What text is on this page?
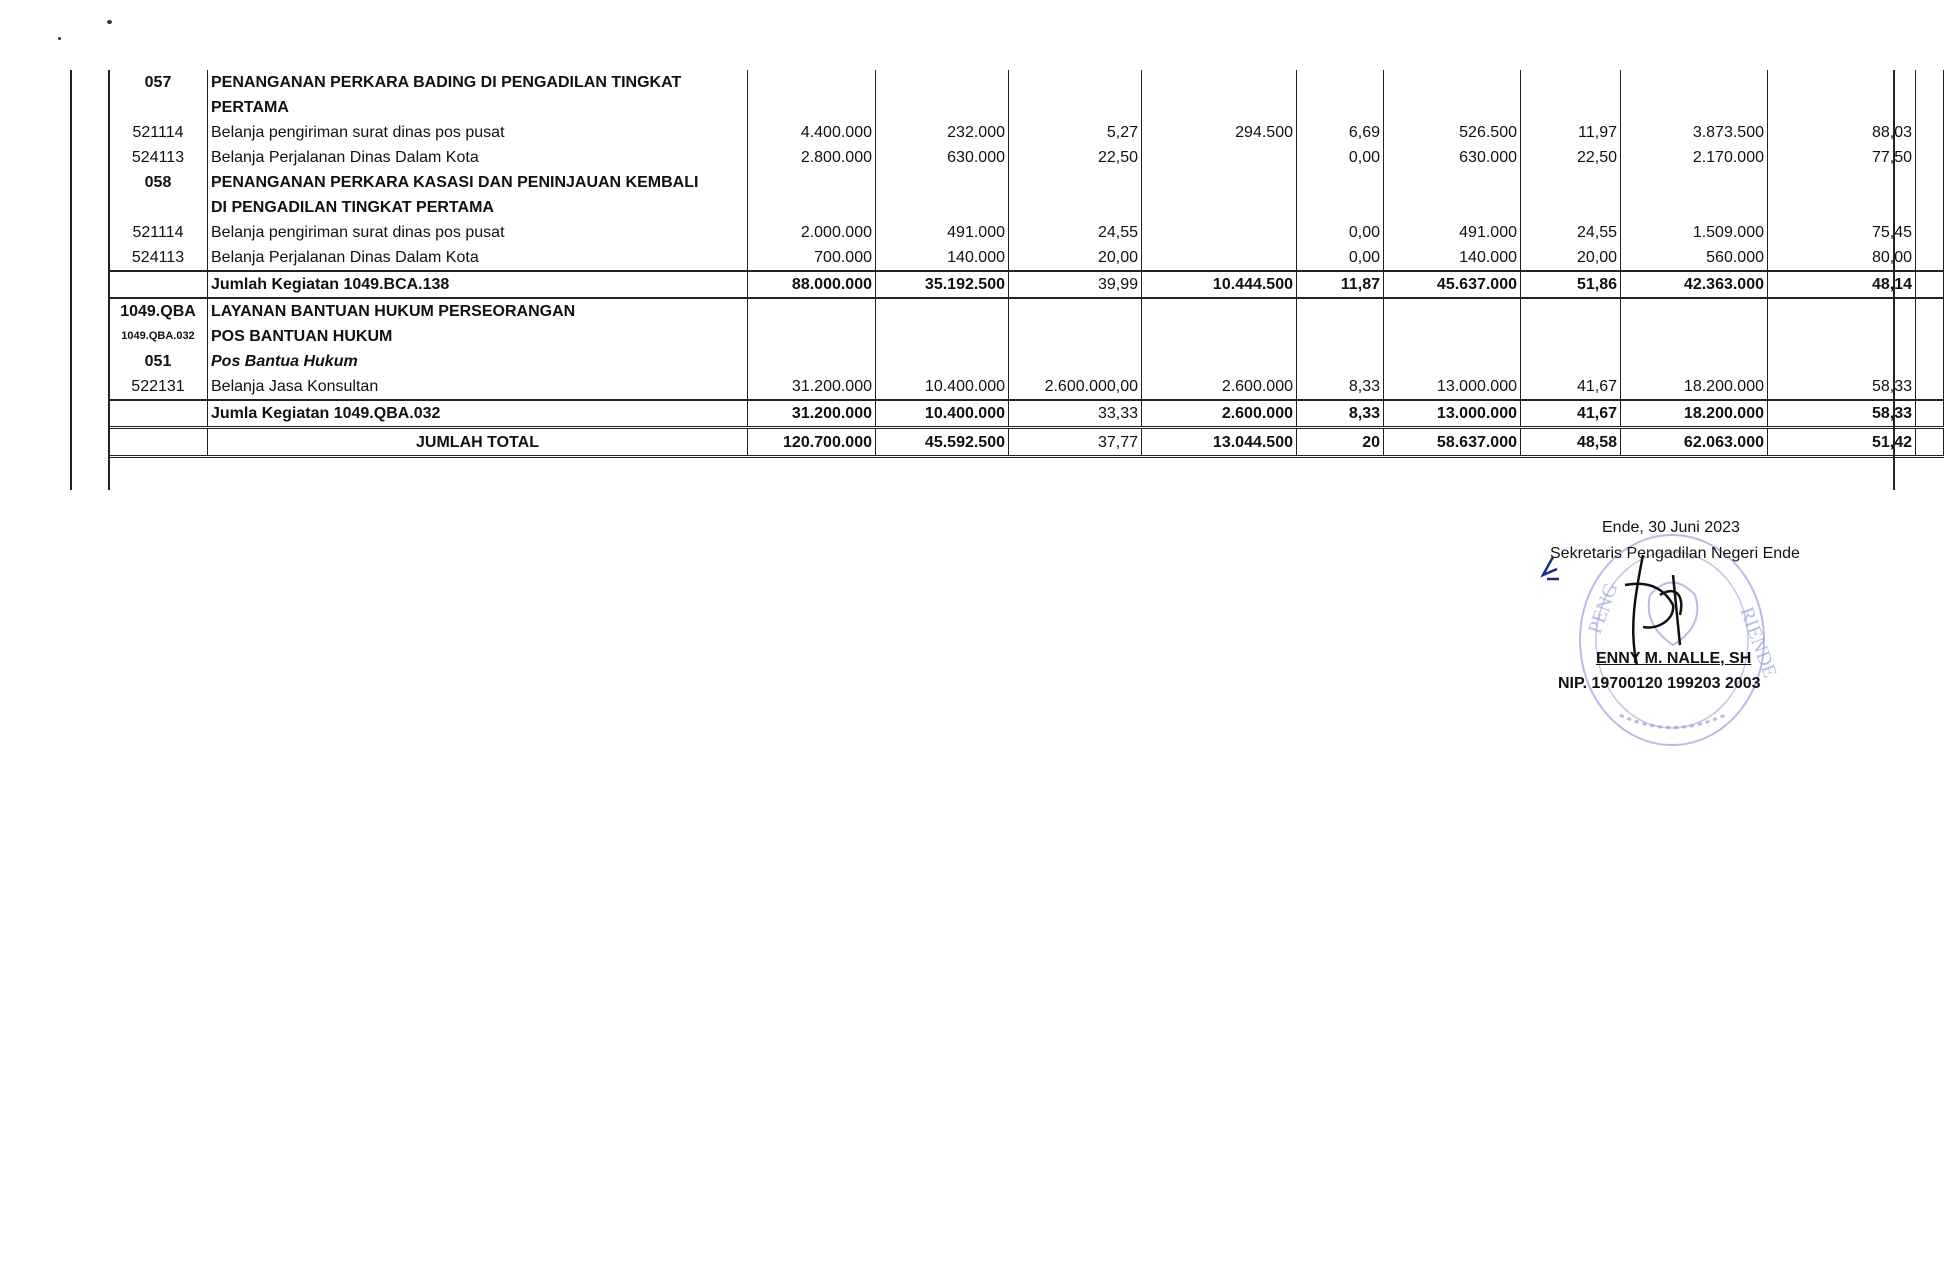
057	PENANGANAN PERKARA BADING DI PENGADILAN TINGKAT										
	PERTAMA										
521114	Belanja pengiriman surat dinas pos pusat	4.400.000	232.000	5,27	294.500	6,69	526.500	11,97	3.873.500	88,03	
524113	Belanja Perjalanan Dinas Dalam Kota	2.800.000	630.000	22,50		0,00	630.000	22,50	2.170.000	77,50	
058	PENANGANAN PERKARA KASASI DAN PENINJAUAN KEMBALI										
	DI PENGADILAN TINGKAT PERTAMA										
521114	Belanja pengiriman surat dinas pos pusat	2.000.000	491.000	24,55		0,00	491.000	24,55	1.509.000	75,45	
524113	Belanja Perjalanan Dinas Dalam Kota	700.000	140.000	20,00		0,00	140.000	20,00	560.000	80,00	
	Jumlah Kegiatan 1049.BCA.138	88.000.000	35.192.500	39,99	10.444.500	11,87	45.637.000	51,86	42.363.000	48,14	
1049.QBA	LAYANAN BANTUAN HUKUM PERSEORANGAN										
1049.QBA.032	POS BANTUAN HUKUM										
051	Pos Bantua Hukum										
522131	Belanja Jasa Konsultan	31.200.000	10.400.000	2.600.000,00	2.600.000	8,33	13.000.000	41,67	18.200.000	58,33	
	Jumla Kegiatan 1049.QBA.032	31.200.000	10.400.000	33,33	2.600.000	8,33	13.000.000	41,67	18.200.000	58,33	
	JUMLAH TOTAL	120.700.000	45.592.500	37,77	13.044.500	20	58.637.000	48,58	62.063.000	51,42	
PENG	RIENDE
Ende, 30 Juni 2023
Sekretaris Pengadilan Negeri Ende
ENNY M. NALLE, SH
NIP. 19700120 199203 2003
